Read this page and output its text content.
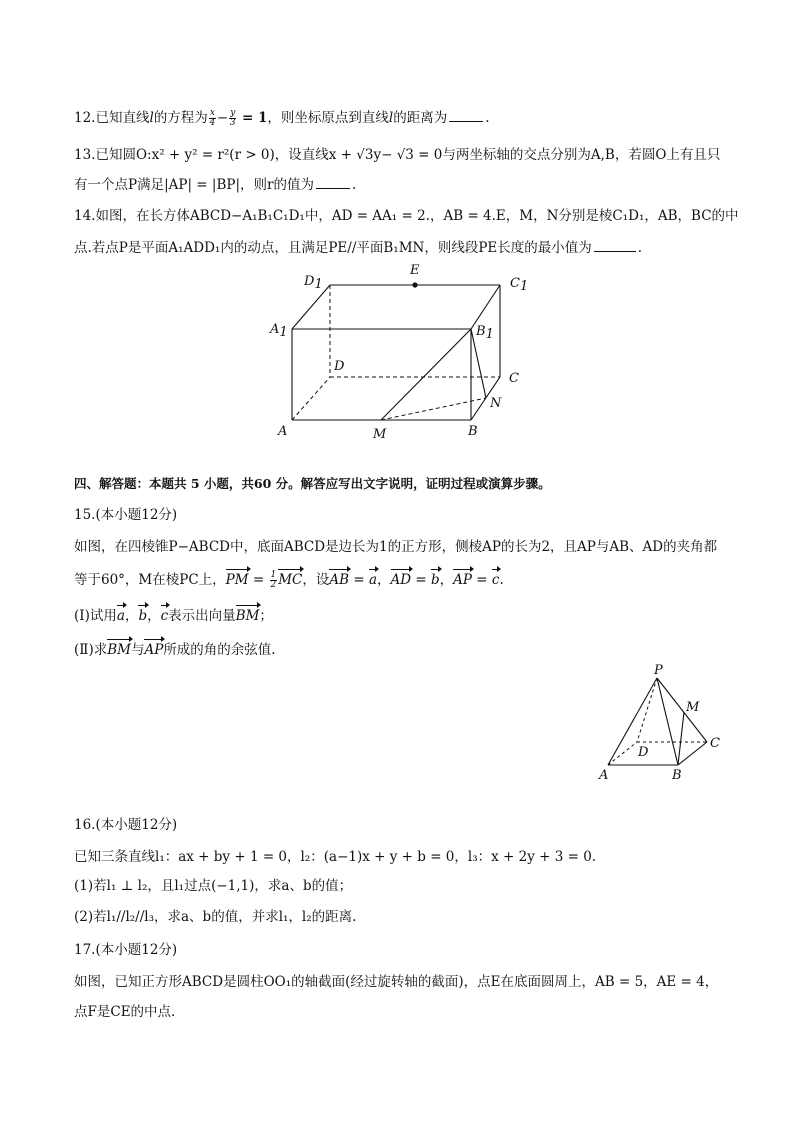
12.已知直线l的方程为 $\frac{x}{4} - \frac{y}{3} = 1$，则坐标原点到直线l的距离为	.
13.已知圆O:x² + y² = r²(r > 0)，设直线x + √3y− √3 = 0与两坐标轴的交点分别为A,B，若圆O上有且只
有一个点P满足|AP| = |BP|，则r的值为	.
14.如图，在长方体ABCD−A₁B₁C₁D₁中，AD = AA₁ = 2.，AB = 4.E，M，N分别是棱C₁D₁，AB，BC的中
点.若点P是平面A₁ADD₁内的动点，且满足PE//平面B₁MN，则线段PE长度的最小值为	.
D1
E
C1
A1	B1
D
C
N
A	M	B
四、解答题：本题共 5 小题，共60 分。解答应写出文字说明，证明过程或演算步骤。
15.(本小题12分)
如图，在四棱锥P−ABCD中，底面ABCD是边长为1的正方形，侧棱AP的长为2，且AP与AB、AD的夹角都
等于60°，M在棱PC上，PM = $\frac{1}{2}$ MC，设AB = a，AD = b，AP = c.
(Ⅰ)试用a，b，c表示出向量BM；
(Ⅱ)求BM与AP所成的角的余弦值.
P
M
C
D
A	B
16.(本小题12分)
已知三条直线l₁：ax + by + 1 = 0，l₂：(a−1)x + y + b = 0，l₃：x + 2y + 3 = 0.
(1)若l₁ ⊥ l₂，且l₁过点(−1,1)，求a、b的值；
(2)若l₁//l₂//l₃，求a、b的值，并求l₁，l₂的距离.
17.(本小题12分)
如图，已知正方形ABCD是圆柱OO₁的轴截面(经过旋转轴的截面)，点E在底面圆周上，AB = 5，AE = 4，
点F是CE的中点.
